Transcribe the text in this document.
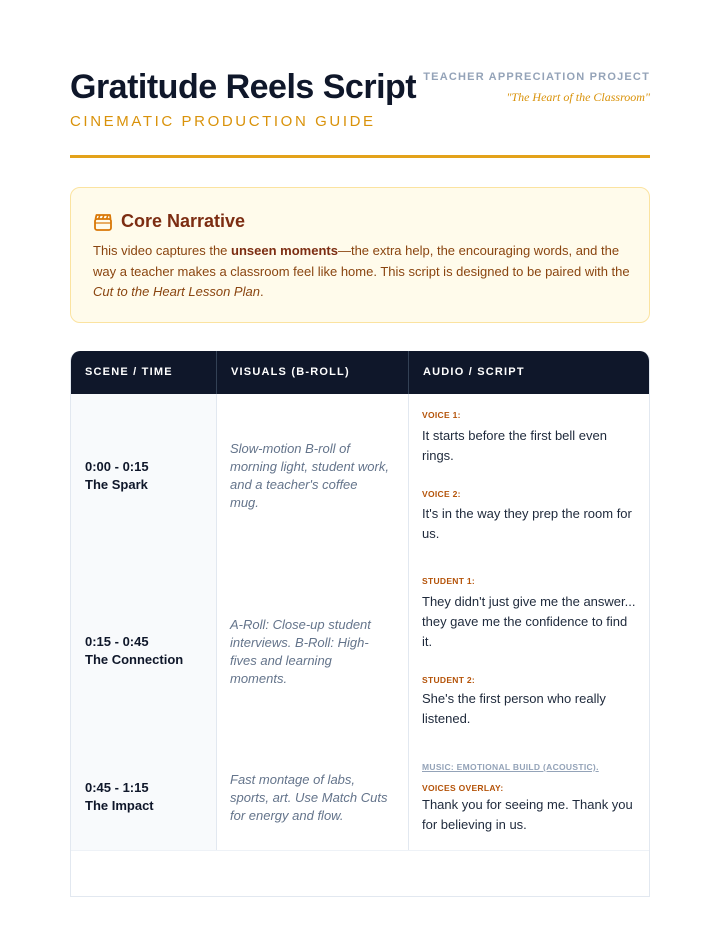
Gratitude Reels Script
CINEMATIC PRODUCTION GUIDE
TEACHER APPRECIATION PROJECT
"The Heart of the Classroom"
Core Narrative
This video captures the unseen moments—the extra help, the encouraging words, and the way a teacher makes a classroom feel like home. This script is designed to be paired with the Cut to the Heart Lesson Plan.
SCENE / TIME	VISUALS (B-ROLL)	AUDIO / SCRIPT
0:00 - 0:15
The Spark
Slow-motion B-roll of morning light, student work, and a teacher's coffee mug.
VOICE 1:
It starts before the first bell even rings.
VOICE 2:
It's in the way they prep the room for us.
0:15 - 0:45
The Connection
A-Roll: Close-up student interviews. B-Roll: High-fives and learning moments.
STUDENT 1:
They didn't just give me the answer... they gave me the confidence to find it.
STUDENT 2:
She's the first person who really listened.
0:45 - 1:15
The Impact
Fast montage of labs, sports, art. Use Match Cuts for energy and flow.
MUSIC: EMOTIONAL BUILD (ACOUSTIC).
VOICES OVERLAY:
Thank you for seeing me. Thank you for believing in us.
